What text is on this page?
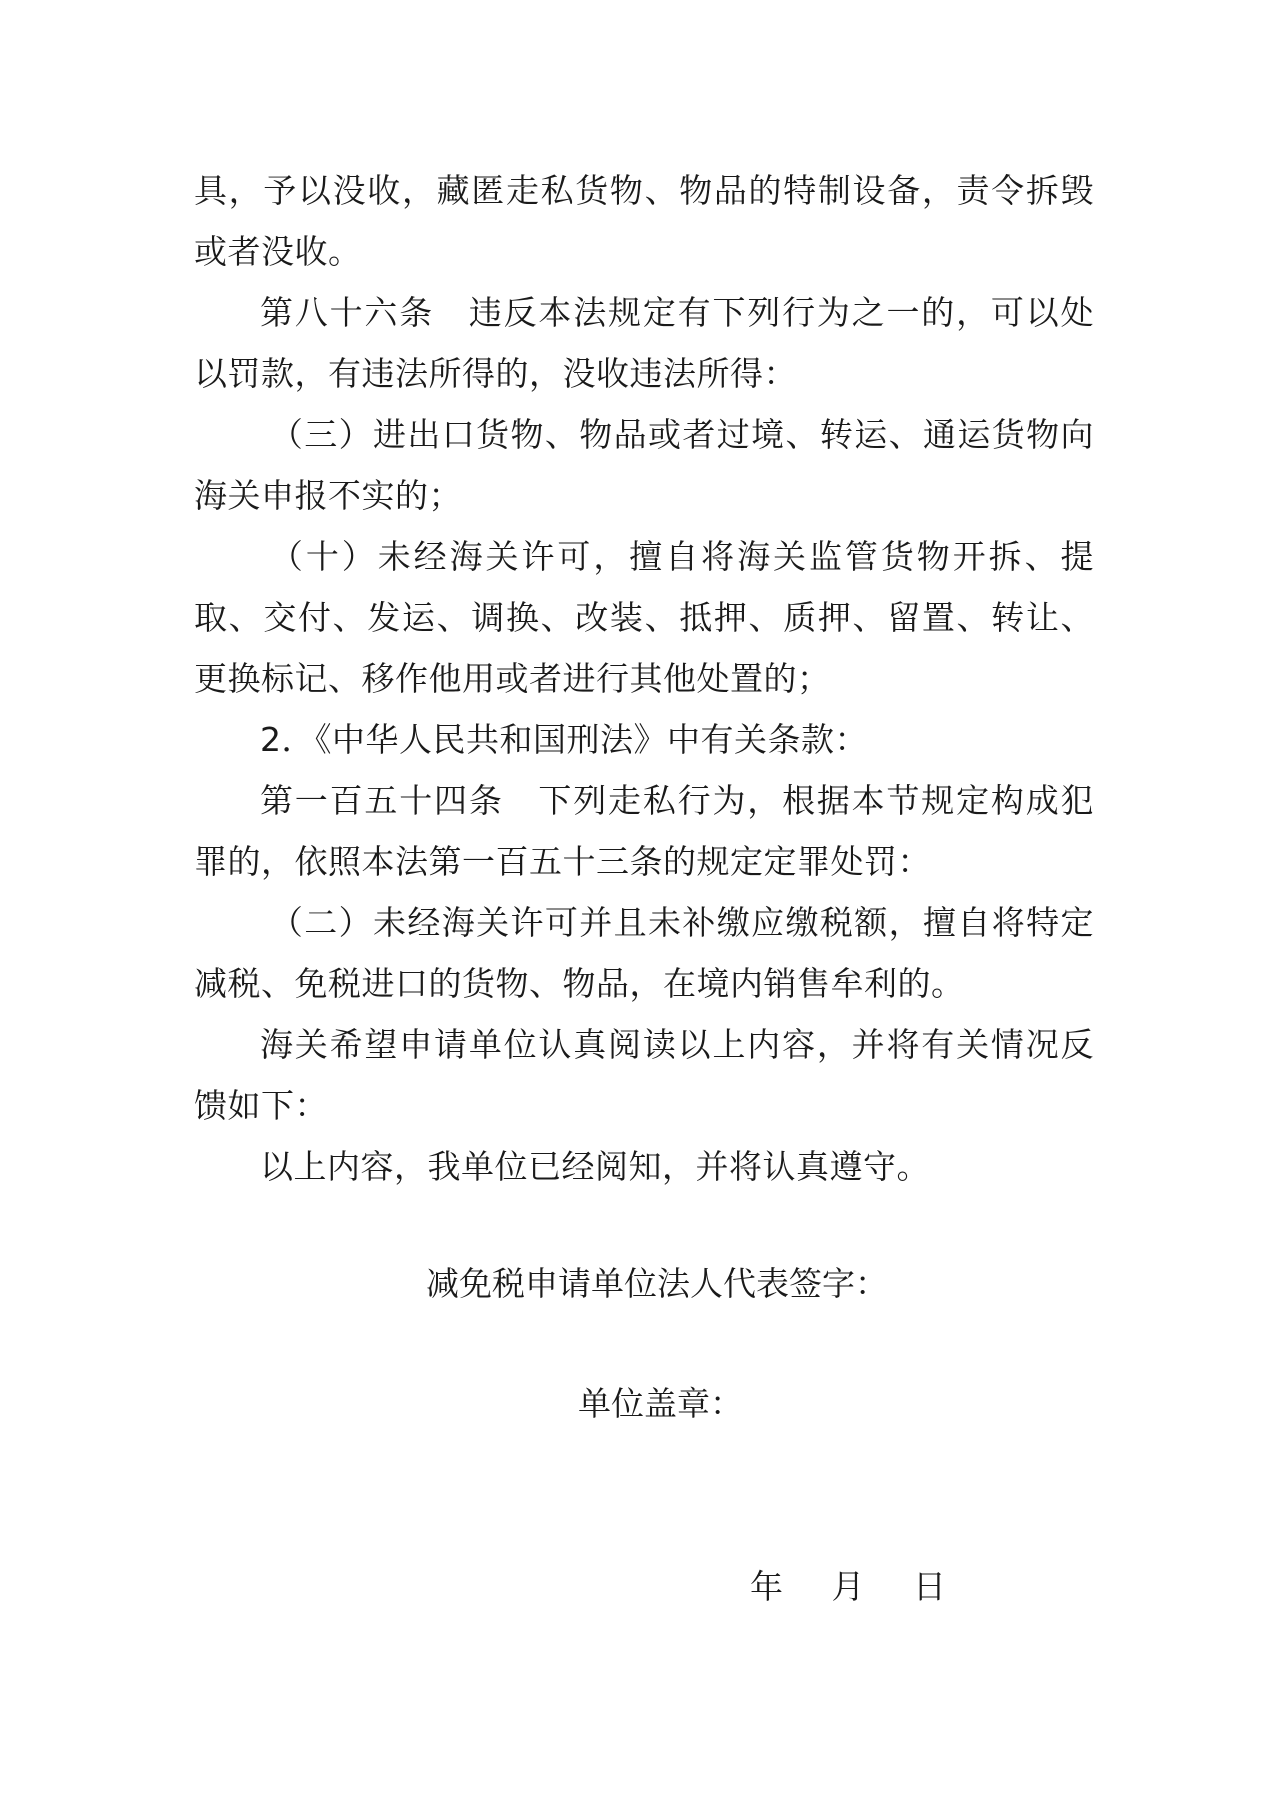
具，予以没收，藏匿走私货物、物品的特制设备，责令拆毁或者没收。

第八十六条　违反本法规定有下列行为之一的，可以处以罚款，有违法所得的，没收违法所得：

（三）进出口货物、物品或者过境、转运、通运货物向海关申报不实的；

（十）未经海关许可，擅自将海关监管货物开拆、提取、交付、发运、调换、改装、抵押、质押、留置、转让、更换标记、移作他用或者进行其他处置的；

2．《中华人民共和国刑法》中有关条款：

第一百五十四条　下列走私行为，根据本节规定构成犯罪的，依照本法第一百五十三条的规定定罪处罚：

（二）未经海关许可并且未补缴应缴税额，擅自将特定减税、免税进口的货物、物品，在境内销售牟利的。

海关希望申请单位认真阅读以上内容，并将有关情况反馈如下：

以上内容，我单位已经阅知，并将认真遵守。

减免税申请单位法人代表签字：
单位盖章：
年 月 日
